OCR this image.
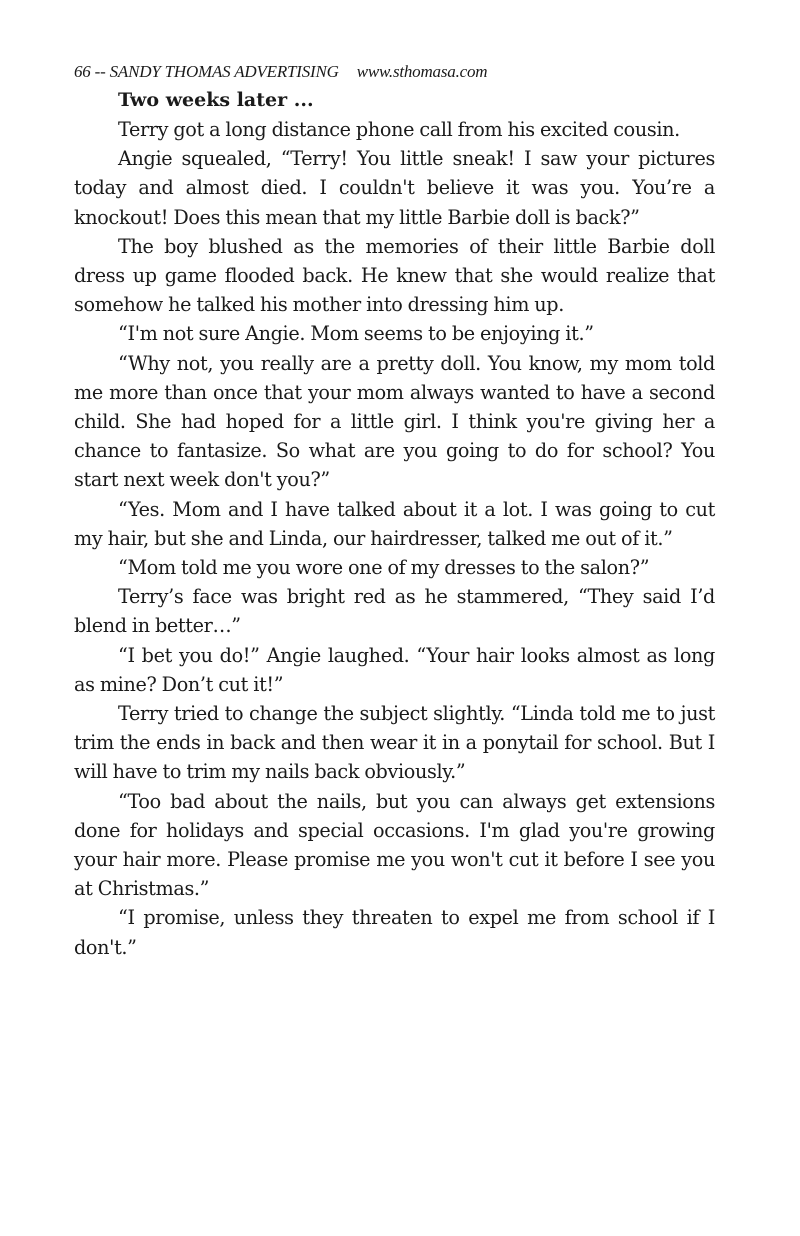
66 -- SANDY THOMAS ADVERTISING www.sthomasa.com

Two weeks later ...

Terry got a long distance phone call from his excited cousin.

Angie squealed, “Terry! You little sneak! I saw your pictures today and almost died. I couldn't believe it was you. You’re a knockout! Does this mean that my little Barbie doll is back?”

The boy blushed as the memories of their little Barbie doll dress up game flooded back. He knew that she would realize that somehow he talked his mother into dressing him up.

“I'm not sure Angie. Mom seems to be enjoying it.”

“Why not, you really are a pretty doll. You know, my mom told me more than once that your mom always wanted to have a second child. She had hoped for a little girl. I think you're giving her a chance to fantasize. So what are you going to do for school? You start next week don't you?”

“Yes. Mom and I have talked about it a lot. I was going to cut my hair, but she and Linda, our hairdresser, talked me out of it.”

“Mom told me you wore one of my dresses to the salon?”

Terry’s face was bright red as he stammered, “They said I’d blend in better…”

“I bet you do!” Angie laughed. “Your hair looks almost as long as mine? Don’t cut it!”

Terry tried to change the subject slightly. “Linda told me to just trim the ends in back and then wear it in a ponytail for school. But I will have to trim my nails back obviously.”

“Too bad about the nails, but you can always get extensions done for holidays and special occasions. I'm glad you're growing your hair more. Please promise me you won't cut it before I see you at Christmas.”

“I promise, unless they threaten to expel me from school if I don't.”
